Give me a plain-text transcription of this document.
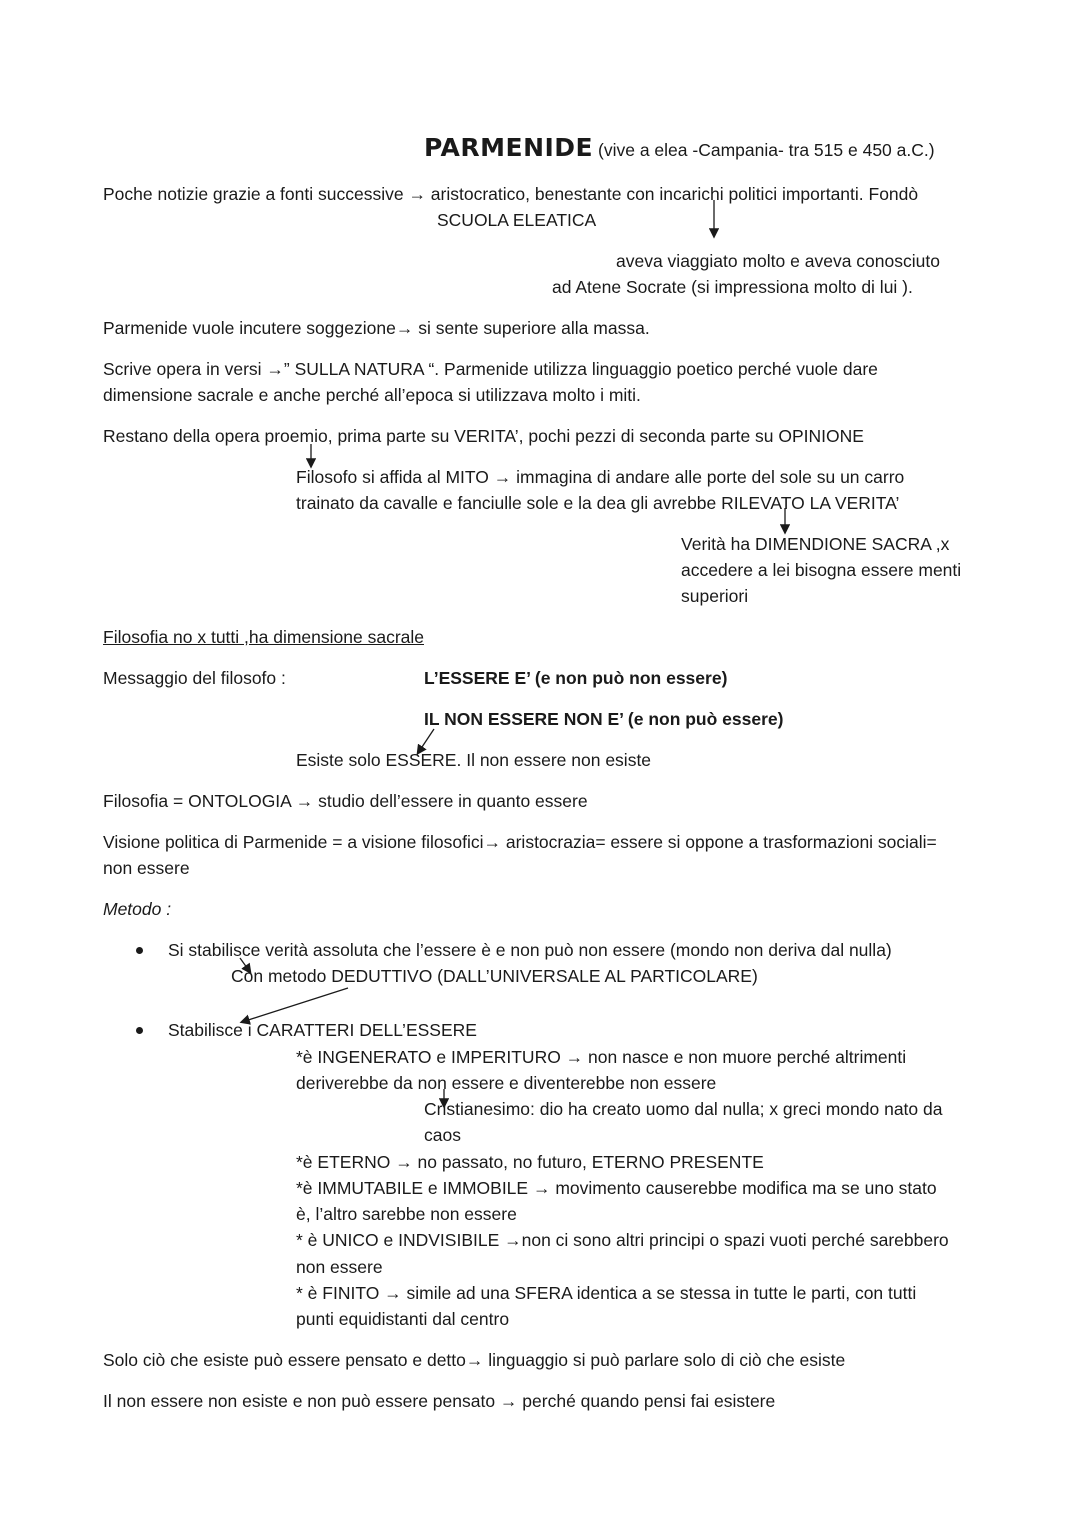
PARMENIDE (vive a elea -Campania- tra 515 e 450 a.C.)
Poche notizie grazie a fonti successive → aristocratico, benestante con incarichi politici importanti. Fondò
SCUOLA ELEATICA
aveva viaggiato molto e aveva conosciuto
ad Atene Socrate (si impressiona molto di lui ).
Parmenide vuole incutere soggezione→ si sente superiore alla massa.
Scrive opera in versi →” SULLA NATURA “. Parmenide utilizza linguaggio poetico perché vuole dare
dimensione sacrale e anche perché all’epoca si utilizzava molto i miti.
Restano della opera proemio, prima parte su VERITA’, pochi pezzi di seconda parte su OPINIONE
Filosofo si affida al MITO → immagina di andare alle porte del sole su un carro
trainato da cavalle e fanciulle sole e la dea gli avrebbe RILEVATO LA VERITA’
Verità ha DIMENDIONE SACRA ,x
accedere a lei bisogna essere menti
superiori
Filosofia no x tutti ,ha dimensione sacrale
Messaggio del filosofo :	L’ESSERE E’ (e non può non essere)
IL NON ESSERE NON E’ (e non può essere)
Esiste solo ESSERE. Il non essere non esiste
Filosofia = ONTOLOGIA → studio dell’essere in quanto essere
Visione politica di Parmenide = a visione filosofici→ aristocrazia= essere si oppone a trasformazioni sociali=
non essere
Metodo :
Si stabilisce verità assoluta che l’essere è e non può non essere (mondo non deriva dal nulla)
Con metodo DEDUTTIVO (DALL’UNIVERSALE AL PARTICOLARE)
Stabilisce i CARATTERI DELL’ESSERE
*è INGENERATO e IMPERITURO → non nasce e non muore perché altrimenti
deriverebbe da non essere e diventerebbe non essere
Cristianesimo: dio ha creato uomo dal nulla; x greci mondo nato da
caos
*è ETERNO → no passato, no futuro, ETERNO PRESENTE
*è IMMUTABILE e IMMOBILE → movimento causerebbe modifica ma se uno stato
è, l’altro sarebbe non essere
* è UNICO e INDVISIBILE →non ci sono altri principi o spazi vuoti perché sarebbero
non essere
* è FINITO → simile ad una SFERA identica a se stessa in tutte le parti, con tutti
punti equidistanti dal centro
Solo ciò che esiste può essere pensato e detto→ linguaggio si può parlare solo di ciò che esiste
Il non essere non esiste e non può essere pensato → perché quando pensi fai esistere
